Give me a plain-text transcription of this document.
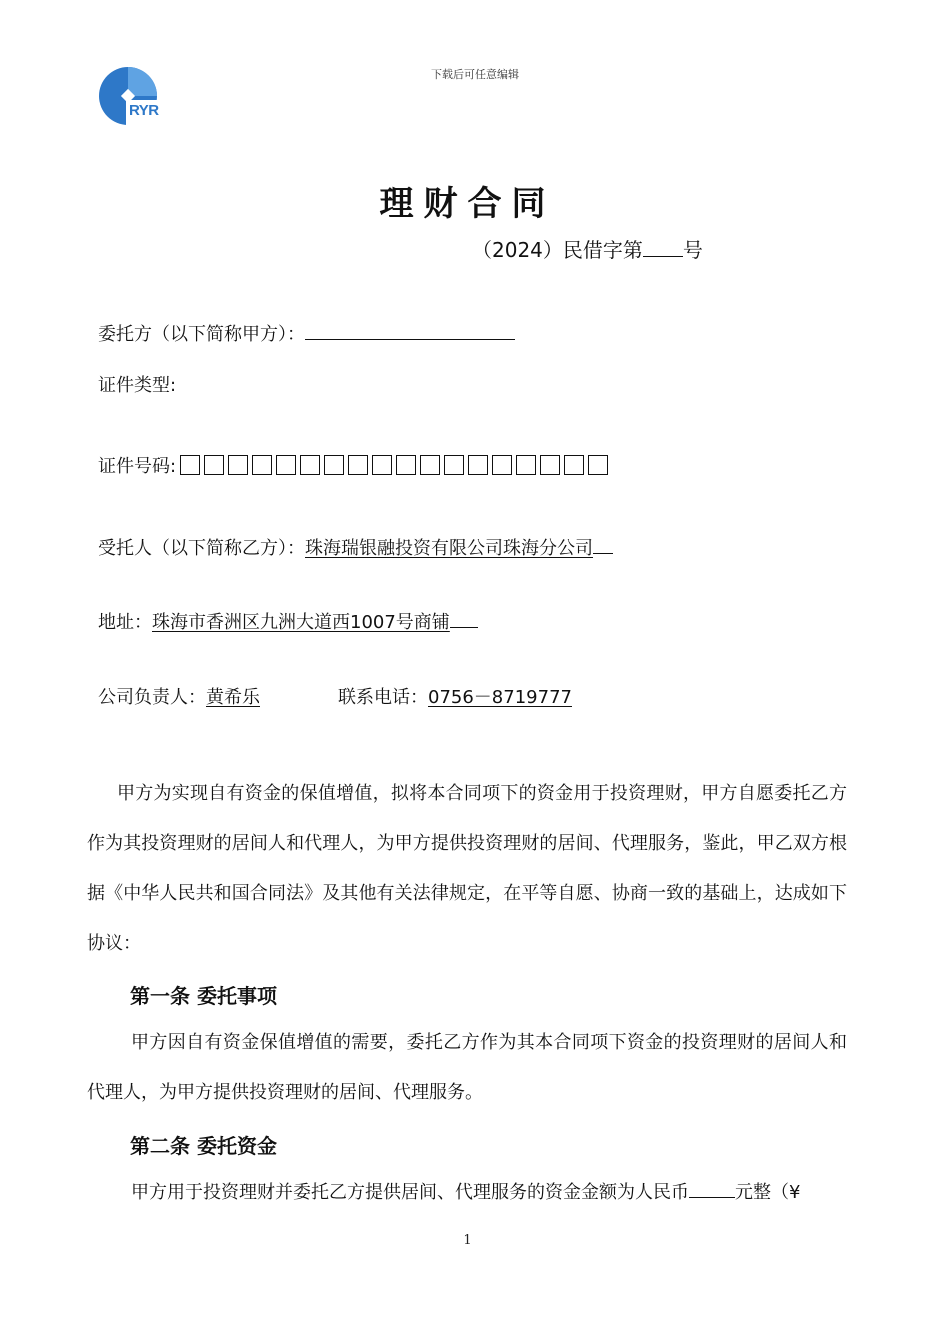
RYR
下载后可任意编辑
理财合同
（2024）民借字第 号
委托方（以下简称甲方）：
证件类型:
证件号码:
受托人（以下简称乙方）：珠海瑞银融投资有限公司珠海分公司
地址：珠海市香洲区九洲大道西1007号商铺
公司负责人：黄希乐	联系电话：0756－8719777
甲方为实现自有资金的保值增值，拟将本合同项下的资金用于投资理财，甲方自愿委托乙方作为其投资理财的居间人和代理人，为甲方提供投资理财的居间、代理服务，鉴此，甲乙双方根据《中华人民共和国合同法》及其他有关法律规定，在平等自愿、协商一致的基础上，达成如下协议：
第一条 委托事项
甲方因自有资金保值增值的需要，委托乙方作为其本合同项下资金的投资理财的居间人和代理人，为甲方提供投资理财的居间、代理服务。
第二条 委托资金
甲方用于投资理财并委托乙方提供居间、代理服务的资金金额为人民币	元整（¥
1
